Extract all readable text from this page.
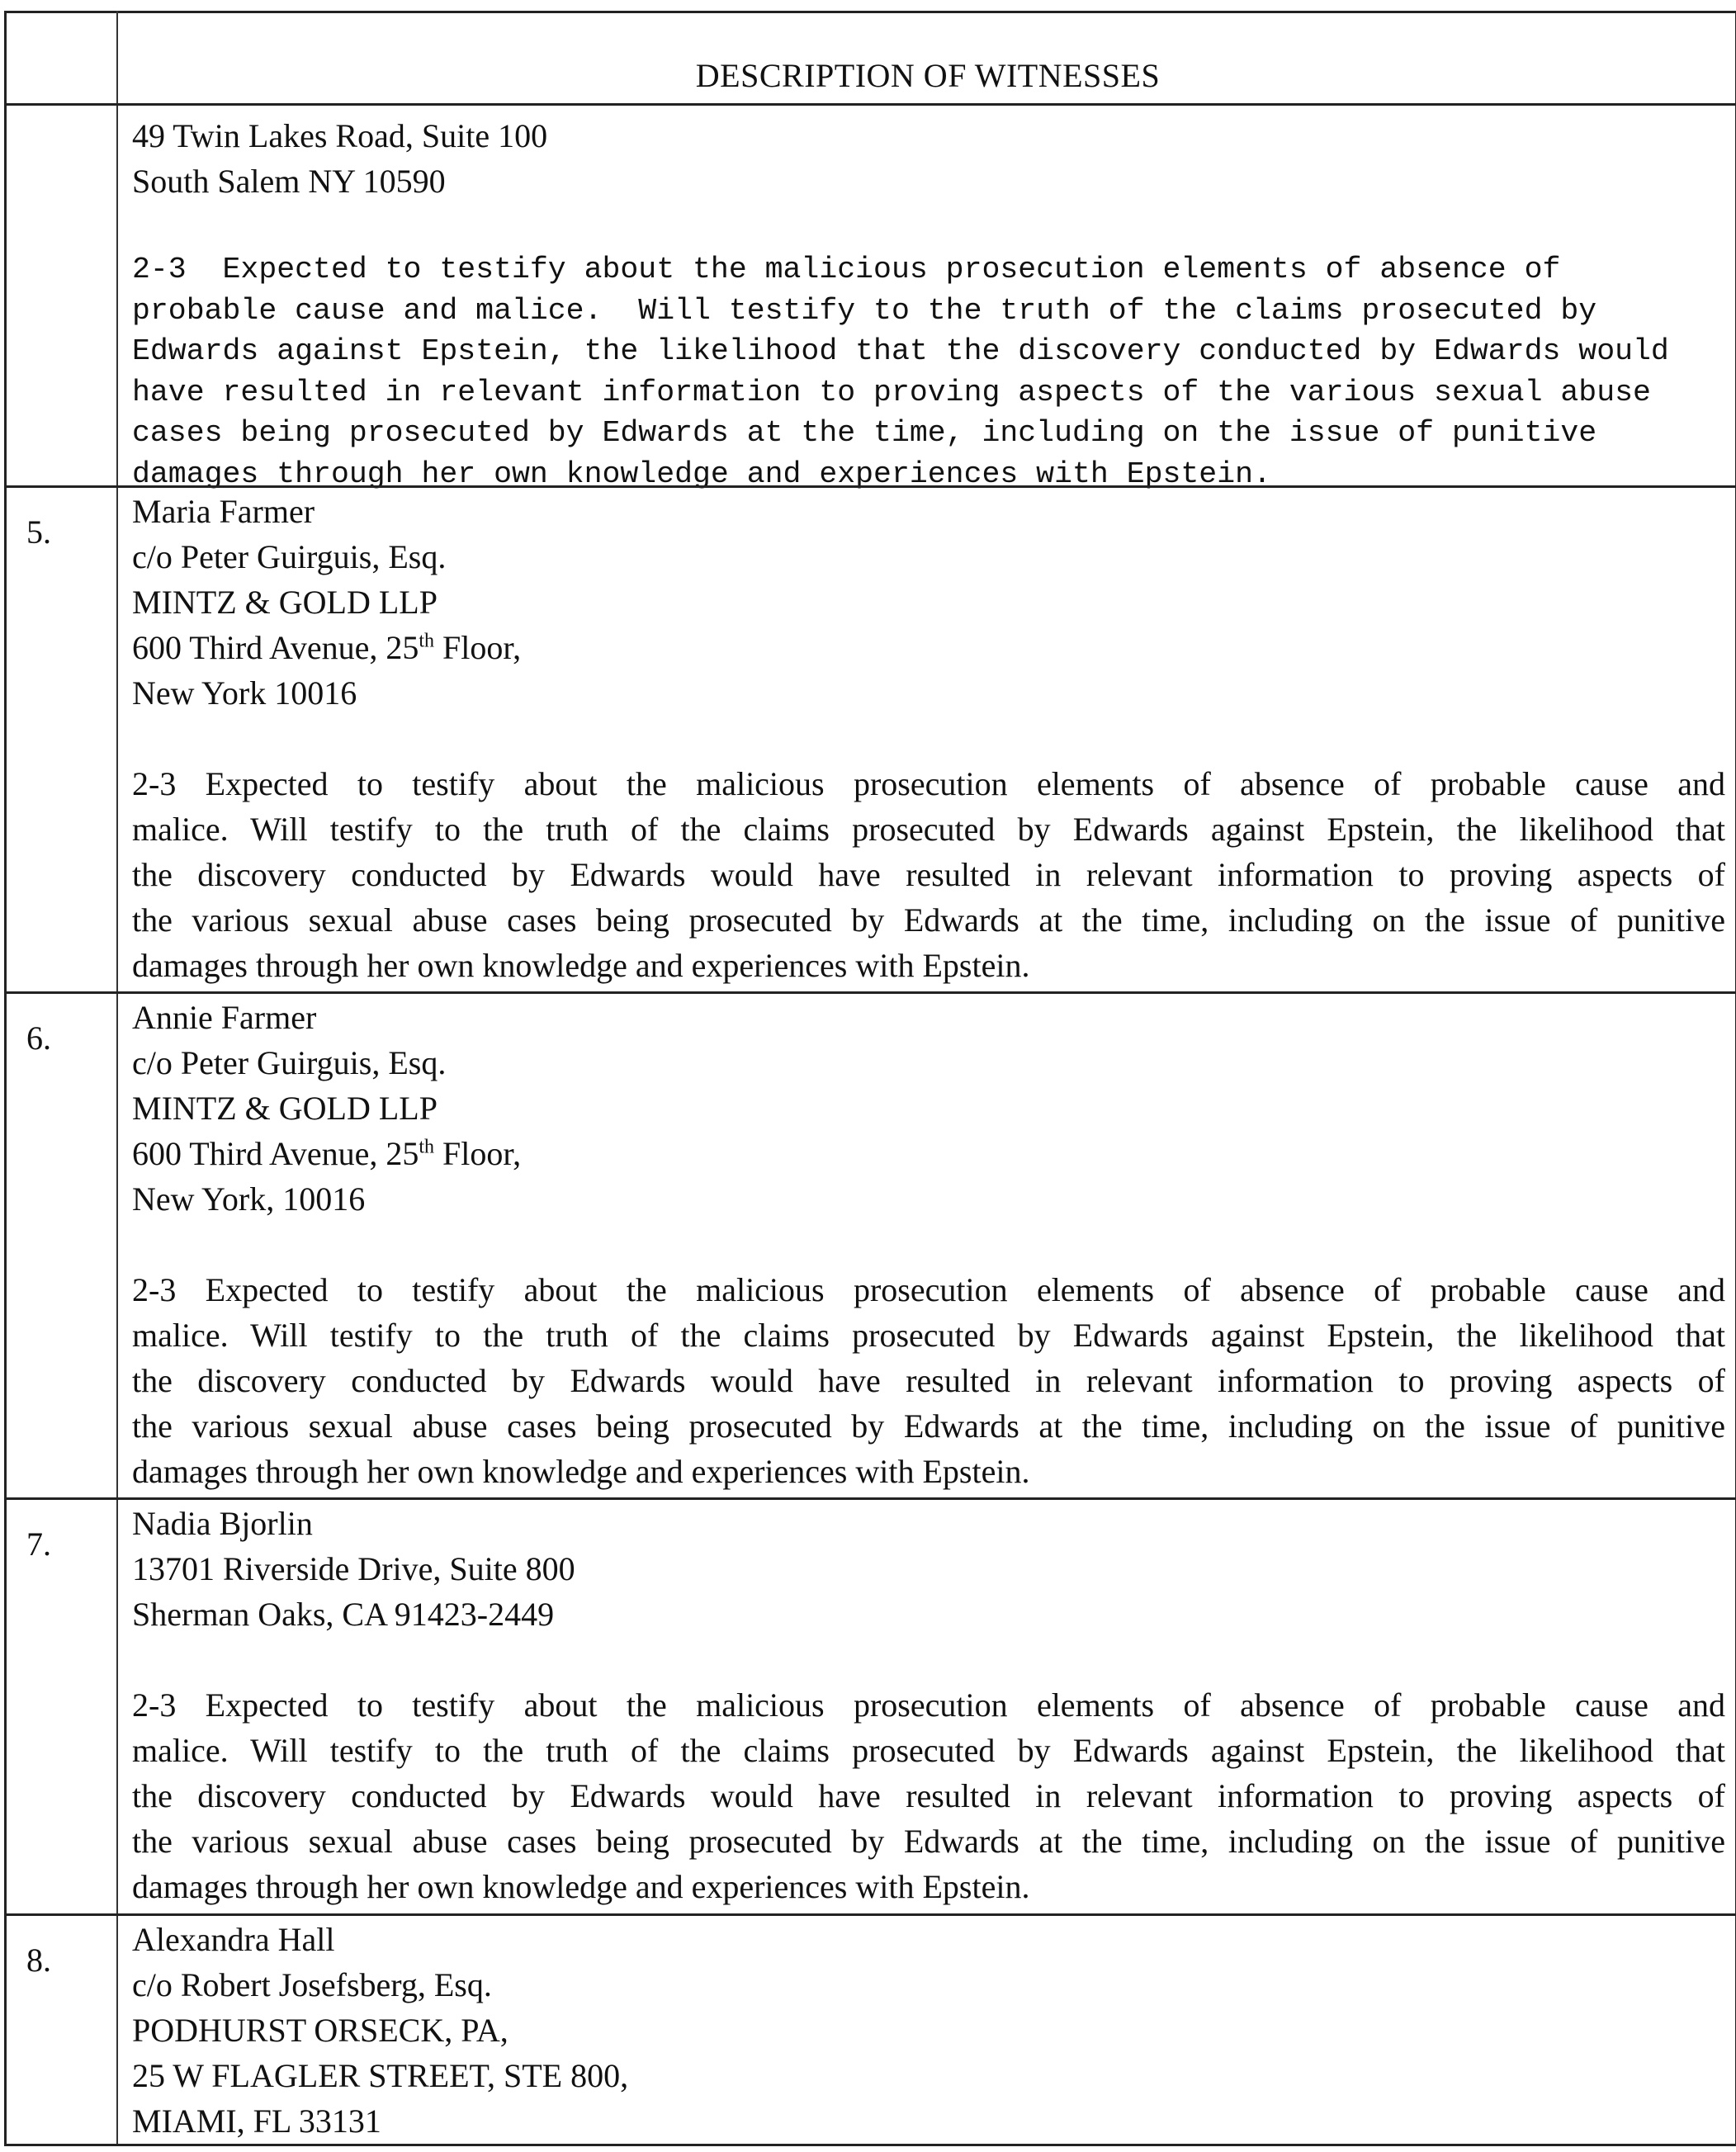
DESCRIPTION OF WITNESSES
49 Twin Lakes Road, Suite 100
South Salem NY 10590
2-3  Expected to testify about the malicious prosecution elements of absence of
probable cause and malice.  Will testify to the truth of the claims prosecuted by
Edwards against Epstein, the likelihood that the discovery conducted by Edwards would
have resulted in relevant information to proving aspects of the various sexual abuse
cases being prosecuted by Edwards at the time, including on the issue of punitive
damages through her own knowledge and experiences with Epstein.
5.
Maria Farmer
c/o Peter Guirguis, Esq.
MINTZ & GOLD LLP
600 Third Avenue, 25th Floor,
New York 10016
2-3 Expected to testify about the malicious prosecution elements of absence of probable cause and
malice. Will testify to the truth of the claims prosecuted by Edwards against Epstein, the likelihood that
the discovery conducted by Edwards would have resulted in relevant information to proving aspects of
the various sexual abuse cases being prosecuted by Edwards at the time, including on the issue of punitive
damages through her own knowledge and experiences with Epstein.
6.
Annie Farmer
c/o Peter Guirguis, Esq.
MINTZ & GOLD LLP
600 Third Avenue, 25th Floor,
New York, 10016
2-3 Expected to testify about the malicious prosecution elements of absence of probable cause and
malice. Will testify to the truth of the claims prosecuted by Edwards against Epstein, the likelihood that
the discovery conducted by Edwards would have resulted in relevant information to proving aspects of
the various sexual abuse cases being prosecuted by Edwards at the time, including on the issue of punitive
damages through her own knowledge and experiences with Epstein.
7.
Nadia Bjorlin
13701 Riverside Drive, Suite 800
Sherman Oaks, CA 91423-2449
2-3 Expected to testify about the malicious prosecution elements of absence of probable cause and
malice. Will testify to the truth of the claims prosecuted by Edwards against Epstein, the likelihood that
the discovery conducted by Edwards would have resulted in relevant information to proving aspects of
the various sexual abuse cases being prosecuted by Edwards at the time, including on the issue of punitive
damages through her own knowledge and experiences with Epstein.
8.
Alexandra Hall
c/o Robert Josefsberg, Esq.
PODHURST ORSECK, PA,
25 W FLAGLER STREET, STE 800,
MIAMI, FL 33131
